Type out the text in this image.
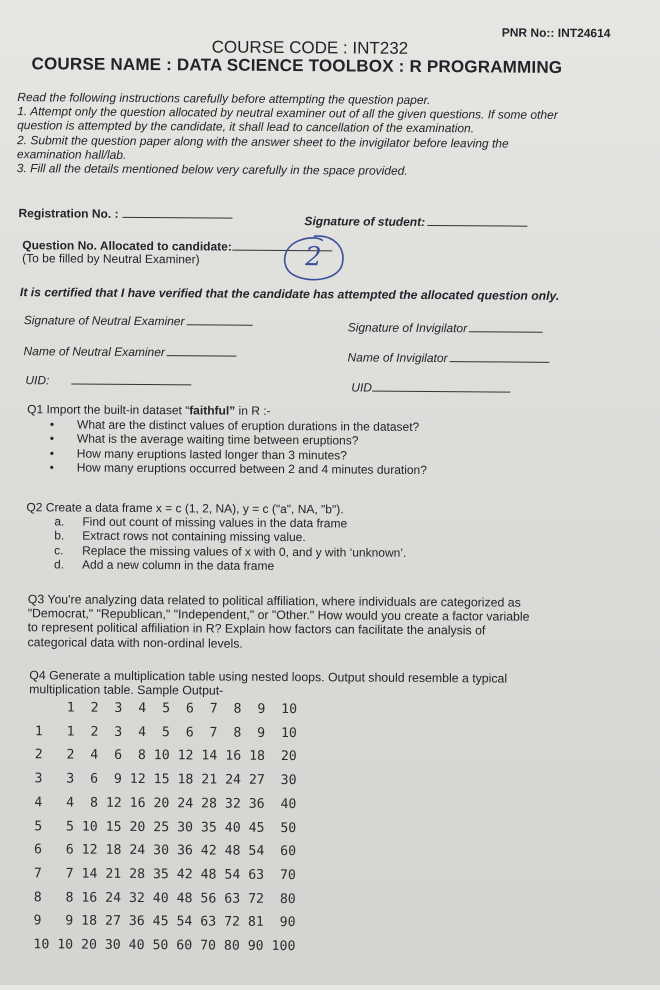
PNR No:: INT24614
COURSE CODE : INT232
COURSE NAME : DATA SCIENCE TOOLBOX : R PROGRAMMING
Read the following instructions carefully before attempting the question paper.
1. Attempt only the question allocated by neutral examiner out of all the given questions. If some other
question is attempted by the candidate, it shall lead to cancellation of the examination.
2. Submit the question paper along with the answer sheet to the invigilator before leaving the
examination hall/lab.
3. Fill all the details mentioned below very carefully in the space provided.
Registration No. :
Signature of student:
Question No. Allocated to candidate:
(To be filled by Neutral Examiner)	2
It is certified that I have verified that the candidate has attempted the allocated question only.
Signature of Neutral Examiner	Signature of Invigilator
Name of Neutral Examiner	Name of Invigilator
UID:
UID
Q1 Import the built-in dataset “faithful” in R :-
• What are the distinct values of eruption durations in the dataset?
• What is the average waiting time between eruptions?
• How many eruptions lasted longer than 3 minutes?
• How many eruptions occurred between 2 and 4 minutes duration?
Q2 Create a data frame x = c (1, 2, NA), y = c ("a", NA, "b").
a. Find out count of missing values in the data frame
b. Extract rows not containing missing value.
c. Replace the missing values of x with 0, and y with ‘unknown’.
d. Add a new column in the data frame
Q3 You're analyzing data related to political affiliation, where individuals are categorized as
"Democrat," "Republican," "Independent," or "Other." How would you create a factor variable
to represent political affiliation in R? Explain how factors can facilitate the analysis of
categorical data with non-ordinal levels.
Q4 Generate a multiplication table using nested loops. Output should resemble a typical
multiplication table. Sample Output-
1  2  3  4  5  6  7  8  9  10
1   1  2  3  4  5  6  7  8  9  10
2   2  4  6  8 10 12 14 16 18  20
3   3  6  9 12 15 18 21 24 27  30
4   4  8 12 16 20 24 28 32 36  40
5   5 10 15 20 25 30 35 40 45  50
6   6 12 18 24 30 36 42 48 54  60
7   7 14 21 28 35 42 48 54 63  70
8   8 16 24 32 40 48 56 63 72  80
9   9 18 27 36 45 54 63 72 81  90
10 10 20 30 40 50 60 70 80 90 100
